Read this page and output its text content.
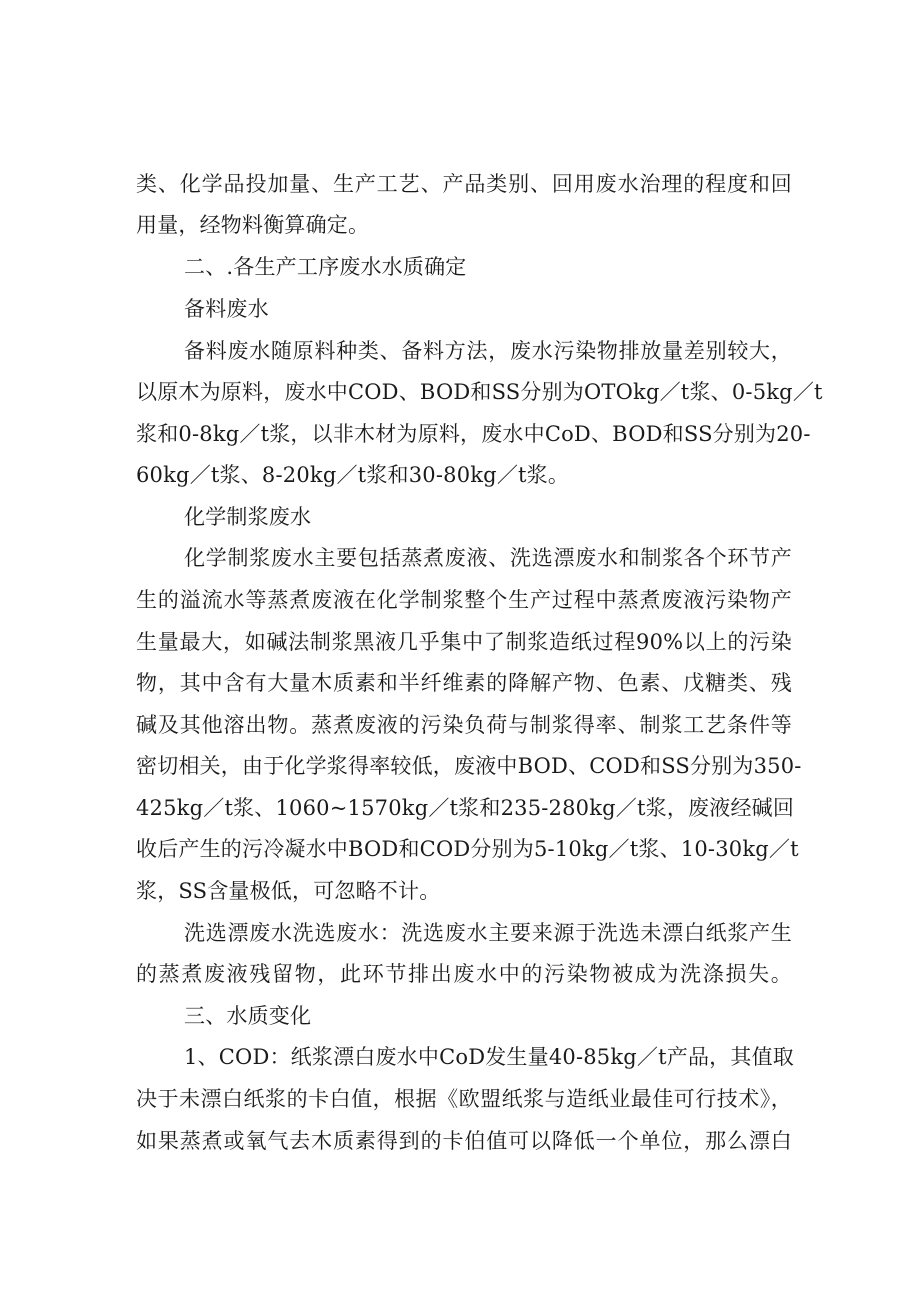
类、化学品投加量、生产工艺、产品类别、回用废水治理的程度和回
用量，经物料衡算确定。
二、.各生产工序废水水质确定
备料废水
备料废水随原料种类、备料方法，废水污染物排放量差别较大，
以原木为原料，废水中COD、BOD和SS分别为OTOkg／t浆、0-5kg／t
浆和0-8kg／t浆，以非木材为原料，废水中CoD、BOD和SS分别为20-
60kg／t浆、8-20kg／t浆和30-80kg／t浆。
化学制浆废水
化学制浆废水主要包括蒸煮废液、洗选漂废水和制浆各个环节产
生的溢流水等蒸煮废液在化学制浆整个生产过程中蒸煮废液污染物产
生量最大，如碱法制浆黑液几乎集中了制浆造纸过程90%以上的污染
物，其中含有大量木质素和半纤维素的降解产物、色素、戊糖类、残
碱及其他溶出物。蒸煮废液的污染负荷与制浆得率、制浆工艺条件等
密切相关，由于化学浆得率较低，废液中BOD、COD和SS分别为350-
425kg／t浆、1060~1570kg／t浆和235-280kg／t浆，废液经碱回
收后产生的污冷凝水中BOD和COD分别为5-10kg／t浆、10-30kg／t
浆，SS含量极低，可忽略不计。
洗选漂废水洗选废水：洗选废水主要来源于洗选未漂白纸浆产生
的蒸煮废液残留物，此环节排出废水中的污染物被成为洗涤损失。
三、水质变化
1、COD：纸浆漂白废水中CoD发生量40-85kg／t产品，其值取
决于未漂白纸浆的卡白值，根据《欧盟纸浆与造纸业最佳可行技术》，
如果蒸煮或氧气去木质素得到的卡伯值可以降低一个单位，那么漂白
